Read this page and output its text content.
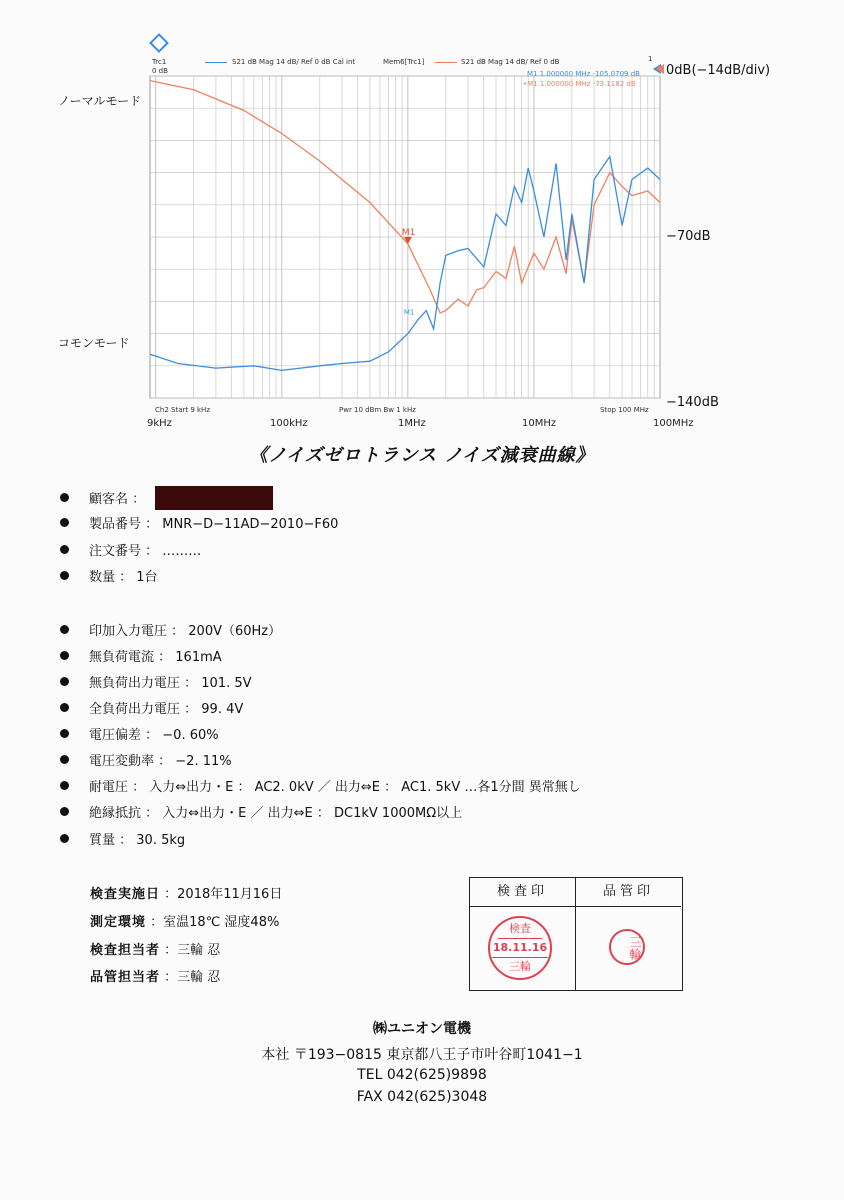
M1
M1
Trc1
0 dB
S21 dB Mag 14 dB/ Ref 0 dB Cal int	Mem6[Trc1]	S21 dB Mag 14 dB/ Ref 0 dB	1
M1 1.000000 MHz -105.0709 dB
•M1 1.000000 MHz -73.1182 dB
Ch2 Start 9 kHz	Pwr 10 dBm Bw 1 kHz	Stop 100 MHz
9kHz	100kHz	1MHz	10MHz	100MHz
0dB(−14dB/div)
−70dB
−140dB
ノーマルモード
コモンモード
《ノイズゼロトランス ノイズ減衰曲線》
顧客名 ：
製品番号 ： MNR−D−11AD−2010−F60
注文番号 ： ………
数量 ： 1台
印加入力電圧 ： 200V（60Hz）
無負荷電流 ： 161mA
無負荷出力電圧 ： 101. 5V
全負荷出力電圧 ： 99. 4V
電圧偏差 ： −0. 60%
電圧変動率 ： −2. 11%
耐電圧 ： 入力⇔出力・E ： AC2. 0kV ／ 出力⇔E ： AC1. 5kV …各1分間 異常無し
絶縁抵抗 ： 入力⇔出力・E ／ 出力⇔E ： DC1kV 1000MΩ以上
質量 ： 30. 5kg
検査実施日 ：2018年11月16日
測定環境 ：室温18℃ 湿度48%
検査担当者 ：三輪 忍
品管担当者 ：三輪 忍
検査印
検査
18.11.16
三輪
品管印
三輪
㈱ユニオン電機
本社 〒193−0815 東京都八王子市叶谷町1041−1
TEL 042(625)9898
FAX 042(625)3048
